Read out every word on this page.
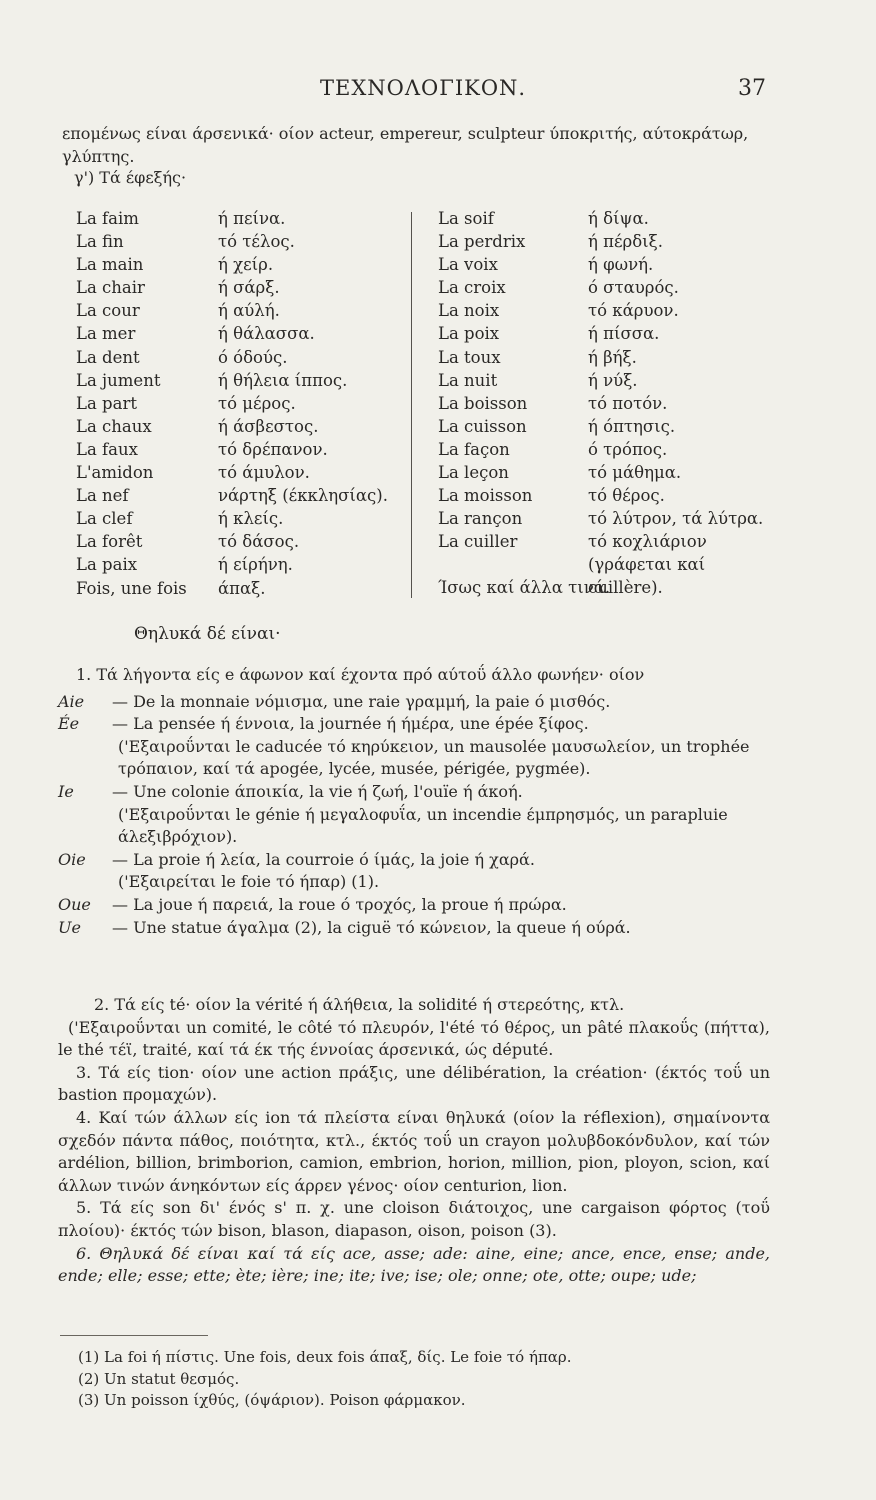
ΤΕΧΝΟΛΟΓΙΚΟΝ.	37

επομένως είναι άρσενικά· οίον acteur, empereur, sculpteur ύποκριτής, αύτοκράτωρ,

γλύπτης.

γ') Τά έφεξής·
La faim	ή πείνα.
La fin	τό τέλος.
La main	ή χείρ.
La chair	ή σάρξ.
La cour	ή αύλή.
La mer	ή θάλασσα.
La dent	ό όδούς.
La jument	ή θήλεια ίππος.
La part	τό μέρος.
La chaux	ή άσβεστος.
La faux	τό δρέπανον.
L'amidon	τό άμυλον.
La nef	νάρτηξ (έκκλησίας).
La clef	ή κλείς.
La forêt	τό δάσος.
La paix	ή είρήνη.
Fois, une fois άπαξ.
La soif	ή δίψα.
La perdrix	ή πέρδιξ.
La voix	ή φωνή.
La croix	ό σταυρός.
La noix	τό κάρυον.
La poix	ή πίσσα.
La toux	ή βήξ.
La nuit	ή νύξ.
La boisson	τό ποτόν.
La cuisson	ή όπτησις.
La façon	ό τρόπος.
La leçon	τό μάθημα.
La moisson	τό θέρος.
La rançon	τό λύτρον, τά λύτρα.
La cuiller	τό κοχλιάριον (γράφεται καί cuillère).
Ίσως καί άλλα τινά.
Θηλυκά δέ είναι·

1. Τά λήγοντα είς e άφωνον καί έχοντα πρό αύτοΰ άλλο φωνήεν· οίον

Aie — De la monnaie νόμισμα, une raie γραμμή, la paie ό μισθός.

Ée — La pensée ή έννοια, la journée ή ήμέρα, une épée ξίφος.

('Εξαιροΰνται le caducée τό κηρύκειον, un mausolée μαυσωλείον, un trophée

τρόπαιον, καί τά apogée, lycée, musée, périgée, pygmée).

Ie — Une colonie άποικία, la vie ή ζωή, l'ouïe ή άκοή.

('Εξαιροΰνται le génie ή μεγαλοφυΐα, un incendie έμπρησμός, un parapluie

άλεξιβρόχιον).

Oie — La proie ή λεία, la courroie ό ίμάς, la joie ή χαρά.

('Εξαιρείται le foie τό ήπαρ) (1).

Oue — La joue ή παρειά, la roue ό τροχός, la proue ή πρώρα.

Ue — Une statue άγαλμα (2), la ciguë τό κώνειον, la queue ή ούρά.

2. Τά είς té· οίον la vérité ή άλήθεια, la solidité ή στερεότης, κτλ.

('Εξαιροΰνται un comité, le côté τό πλευρόν, l'été τό θέρος, un pâté πλακοΰς (πήττα), le thé τέϊ, traité, καί τά έκ τής έννοίας άρσενικά, ώς député.

3. Τά είς tion· οίον une action πράξις, une délibération, la création· (έκτός τοΰ un bastion προμαχών).

4. Καί τών άλλων είς ion τά πλείστα είναι θηλυκά (οίον la réflexion), σημαίνοντα σχεδόν πάντα πάθος, ποιότητα, κτλ., έκτός τοΰ un crayon μολυβδοκόνδυλον, καί τών ardélion, billion, brimborion, camion, embrion, horion, million, pion, ployon, scion, καί άλλων τινών άνηκόντων είς άρρεν γένος· οίον centurion, lion.

5. Τά είς son δι' ένός s' π. χ. une cloison διάτοιχος, une cargaison φόρτος (τοΰ πλοίου)· έκτός τών bison, blason, diapason, oison, poison (3).

6. Θηλυκά δέ είναι καί τά είς ace, asse; ade: aine, eine; ance, ence, ense; ande, ende; elle; esse; ette; ète; ière; ine; ite; ive; ise; ole; onne; ote, otte; oupe; ude;

(1) La foi ή πίστις. Une fois, deux fois άπαξ, δίς. Le foie τό ήπαρ.

(2) Un statut θεσμός.

(3) Un poisson ίχθύς, (όψάριον). Poison φάρμακον.
